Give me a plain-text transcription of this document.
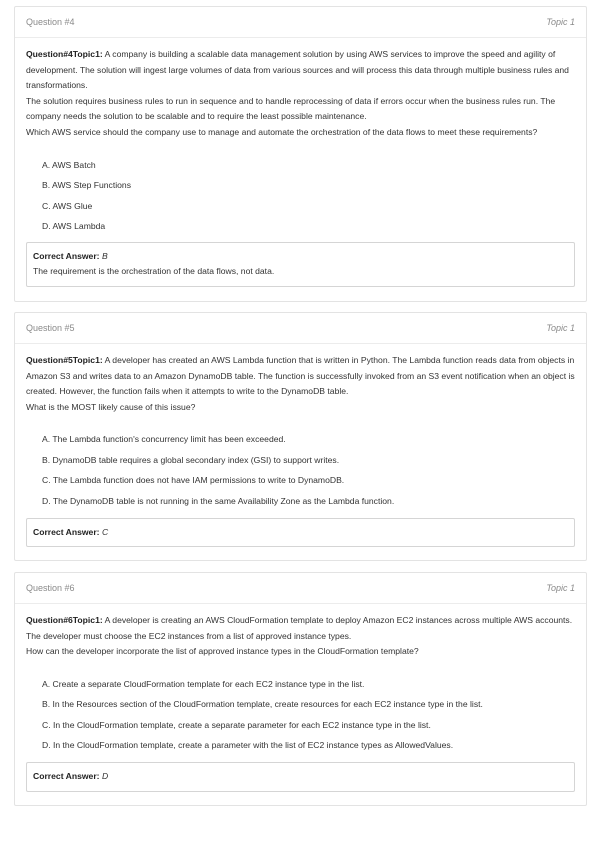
Question #4	Topic 1

Question#4Topic1: A company is building a scalable data management solution by using AWS services to improve the speed and agility of development. The solution will ingest large volumes of data from various sources and will process this data through multiple business rules and transformations.

The solution requires business rules to run in sequence and to handle reprocessing of data if errors occur when the business rules run. The company needs the solution to be scalable and to require the least possible maintenance.

Which AWS service should the company use to manage and automate the orchestration of the data flows to meet these requirements?

A. AWS Batch
B. AWS Step Functions
C. AWS Glue
D. AWS Lambda
Correct Answer: B
The requirement is the orchestration of the data flows, not data.
Question #5	Topic 1

Question#5Topic1: A developer has created an AWS Lambda function that is written in Python. The Lambda function reads data from objects in Amazon S3 and writes data to an Amazon DynamoDB table. The function is successfully invoked from an S3 event notification when an object is created. However, the function fails when it attempts to write to the DynamoDB table.

What is the MOST likely cause of this issue?

A. The Lambda function's concurrency limit has been exceeded.
B. DynamoDB table requires a global secondary index (GSI) to support writes.
C. The Lambda function does not have IAM permissions to write to DynamoDB.
D. The DynamoDB table is not running in the same Availability Zone as the Lambda function.
Correct Answer: C
Question #6	Topic 1

Question#6Topic1: A developer is creating an AWS CloudFormation template to deploy Amazon EC2 instances across multiple AWS accounts. The developer must choose the EC2 instances from a list of approved instance types.

How can the developer incorporate the list of approved instance types in the CloudFormation template?

A. Create a separate CloudFormation template for each EC2 instance type in the list.
B. In the Resources section of the CloudFormation template, create resources for each EC2 instance type in the list.
C. In the CloudFormation template, create a separate parameter for each EC2 instance type in the list.
D. In the CloudFormation template, create a parameter with the list of EC2 instance types as AllowedValues.
Correct Answer: D
